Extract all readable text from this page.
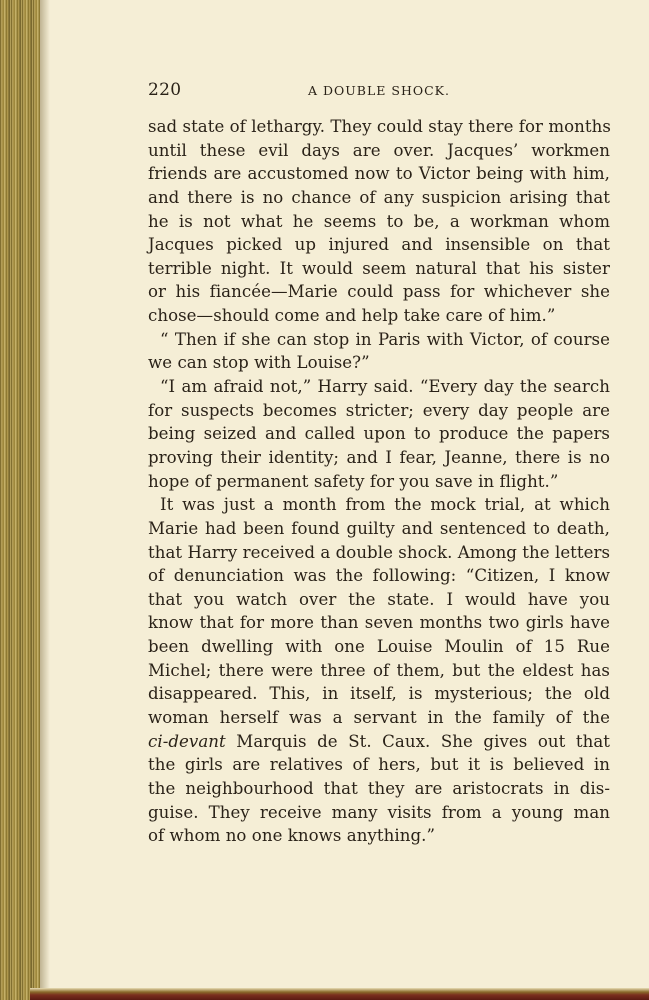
220	A DOUBLE SHOCK.
sad state of lethargy. They could stay there for months
until these evil days are over. Jacques’ workmen
friends are accustomed now to Victor being with him,
and there is no chance of any suspicion arising that
he is not what he seems to be, a workman whom
Jacques picked up injured and insensible on that
terrible night. It would seem natural that his sister
or his fiancée—Marie could pass for whichever she
chose—should come and help take care of him.”
“ Then if she can stop in Paris with Victor, of course
we can stop with Louise?”
“I am afraid not,” Harry said. “Every day the search
for suspects becomes stricter; every day people are
being seized and called upon to produce the papers
proving their identity; and I fear, Jeanne, there is no
hope of permanent safety for you save in flight.”
It was just a month from the mock trial, at which
Marie had been found guilty and sentenced to death,
that Harry received a double shock. Among the letters
of denunciation was the following: “Citizen, I know
that you watch over the state. I would have you
know that for more than seven months two girls have
been dwelling with one Louise Moulin of 15 Rue
Michel; there were three of them, but the eldest has
disappeared. This, in itself, is mysterious; the old
woman herself was a servant in the family of the
ci-devant Marquis de St. Caux. She gives out that
the girls are relatives of hers, but it is believed in
the neighbourhood that they are aristocrats in dis-
guise. They receive many visits from a young man
of whom no one knows anything.”
